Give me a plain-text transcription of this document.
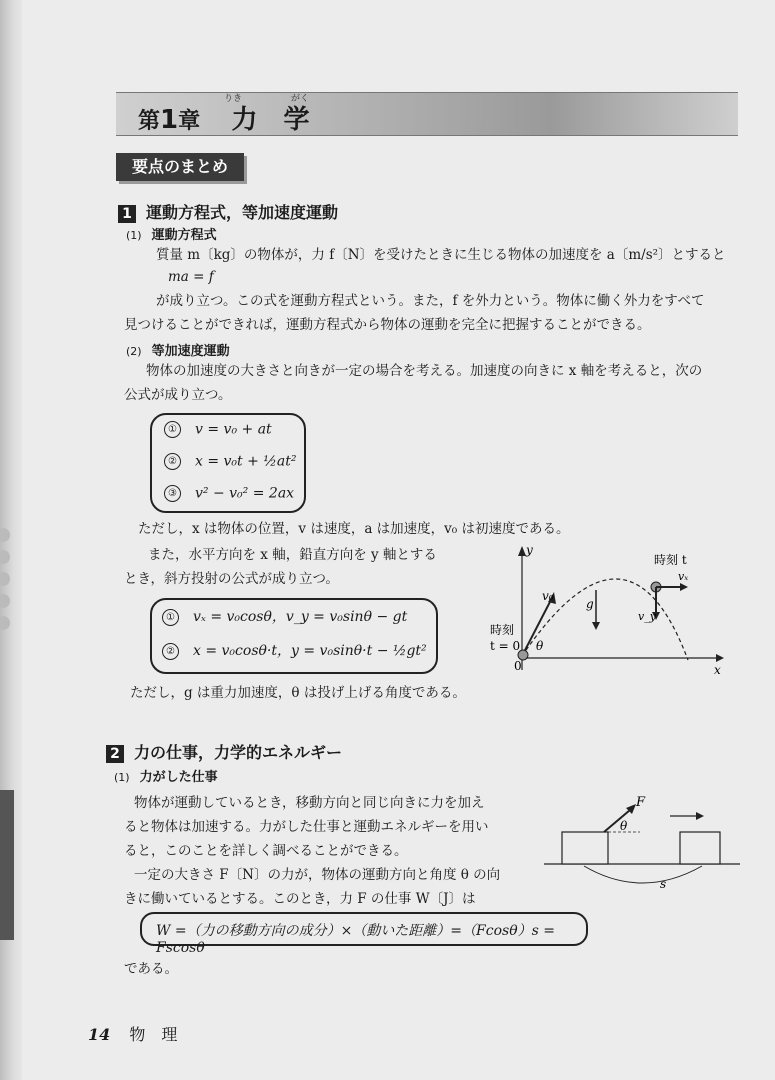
第1章 力　学
りき	がく
要点のまとめ
1 運動方程式，等加速度運動
(1) 運動方程式
質量 m〔kg〕の物体が，力 f〔N〕を受けたときに生じる物体の加速度を a〔m/s²〕とすると
ma = f
が成り立つ。この式を運動方程式という。また，f を外力という。物体に働く外力をすべて
見つけることができれば，運動方程式から物体の運動を完全に把握することができる。
(2) 等加速度運動
物体の加速度の大きさと向きが一定の場合を考える。加速度の向きに x 軸を考えると，次の
公式が成り立つ。
① v = v₀ + at
② x = v₀t + ½at²
③ v² − v₀² = 2ax
ただし，x は物体の位置，v は速度，a は加速度，v₀ は初速度である。
また，水平方向を x 軸，鉛直方向を y 軸とする
とき，斜方投射の公式が成り立つ。
① vₓ = v₀cosθ，v_y = v₀sinθ − gt
② x = v₀cosθ·t，y = v₀sinθ·t − ½gt²
ただし，g は重力加速度，θ は投げ上げる角度である。
y
x
0
v₀
g
θ
時刻 t
時刻
t = 0
vₓ
v_y
2 力の仕事，力学的エネルギー
(1) 力がした仕事
物体が運動しているとき，移動方向と同じ向きに力を加え
ると物体は加速する。力がした仕事と運動エネルギーを用い
ると，このことを詳しく調べることができる。
一定の大きさ F〔N〕の力が，物体の運動方向と角度 θ の向
きに働いているとする。このとき，力 F の仕事 W〔J〕は
W =（力の移動方向の成分）×（動いた距離）=（Fcosθ）s = Fscosθ
である。
F
θ
s
14 物　理
